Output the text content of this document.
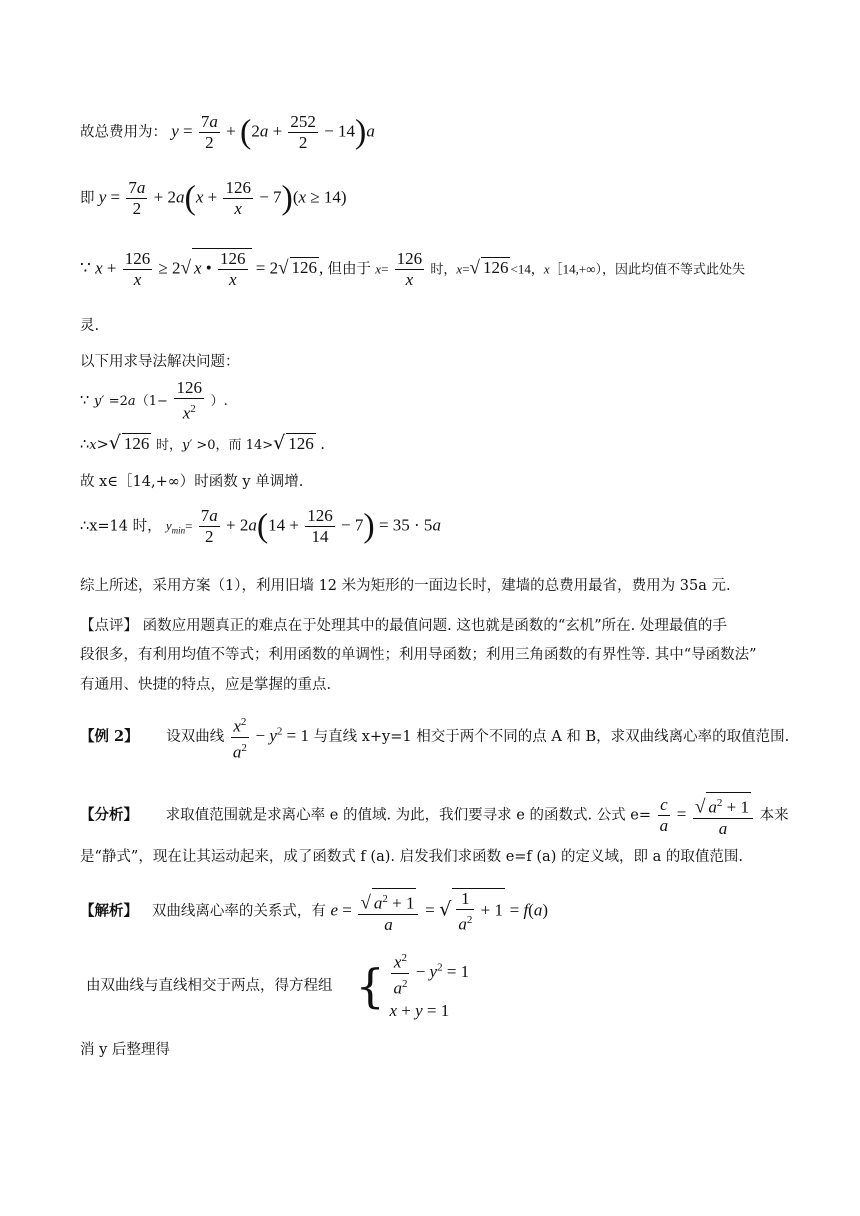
故总费用为： $y = \frac{7a}{2} + (2a + \frac{252}{2} - 14)a$
即 $y = \frac{7a}{2} + 2a(x + \frac{126}{x} - 7)(x \ge 14)$
∵ $x + \frac{126}{x} \ge 2√$ x • $\frac{126}{x} = 2√$ 126 , 但由于 $x= \frac{126}{x}$ 时，x=√ 126 <14，x［14,+∞），因此均值不等式此处失
灵.
以下用求导法解决问题：
∵ $y' =2a(1- \frac{126}{x^2}$ ）.
∴x>√ 126 时，y′ >0，而 14>√ 126 .
故 x∈［14,+∞）时函数 y 单调增.
∴x=14 时， $y_{min}= \frac{7a}{2} + 2a(14 + \frac{126}{14} - 7) = 35 \cdot 5a$
综上所述，采用方案（1），利用旧墙 12 米为矩形的一面边长时，建墙的总费用最省，费用为 35a 元.
【点评】 函数应用题真正的难点在于处理其中的最值问题. 这也就是函数的“玄机”所在. 处理最值的手
段很多，有利用均值不等式；利用函数的单调性；利用导函数；利用三角函数的有界性等. 其中“导函数法”
有通用、快捷的特点，应是掌握的重点.
【例 2】 设双曲线 $\frac{x^2}{a^2} - y^2 = 1$ 与直线 x+y=1 相交于两个不同的点 A 和 B，求双曲线离心率的取值范围.
【分析】 求取值范围就是求离心率 e 的值域. 为此，我们要寻求 e 的函数式. 公式 $e= \frac{c}{a} = \frac{√ a^2 + 1}{a}$ 本来
是“静式”，现在让其运动起来，成了函数式 f (a). 启发我们求函数 e=f (a) 的定义域，即 a 的取值范围.
【解析】 双曲线离心率的关系式，有 $e = \frac{√ a^2 + 1}{a}$ = √ $\frac{1}{a^2} + 1 = f(a)$
由双曲线与直线相交于两点，得方程组 { $\frac{x^2}{a^2} - y^2 = 1$
x + y = 1
消 y 后整理得
